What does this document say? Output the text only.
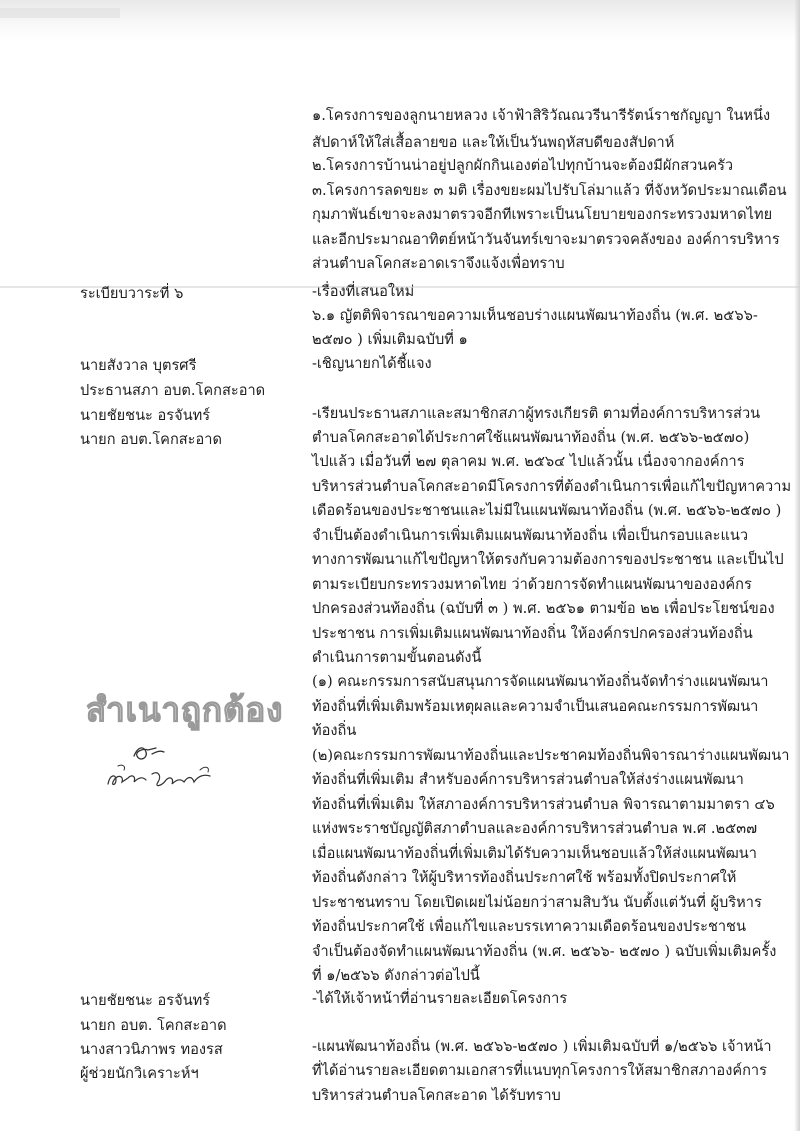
๑.โครงการของลูกนายหลวง เจ้าฟ้าสิริวัณณวรีนารีรัตน์ราชกัญญา ในหนึ่ง
สัปดาห์ให้ใส่เสื้อลายขอ และให้เป็นวันพฤหัสบดีของสัปดาห์
๒.โครงการบ้านน่าอยู่ปลูกผักกินเองต่อไปทุกบ้านจะต้องมีผักสวนครัว
๓.โครงการลดขยะ ๓ มติ เรื่องขยะผมไปรับโล่มาแล้ว ที่จังหวัดประมาณเดือน
กุมภาพันธ์เขาจะลงมาตรวจอีกทีเพราะเป็นนโยบายของกระทรวงมหาดไทย
และอีกประมาณอาทิตย์หน้าวันจันทร์เขาจะมาตรวจคลังของ องค์การบริหาร
ส่วนตำบลโคกสะอาดเราจึงแจ้งเพื่อทราบ
ระเบียบวาระที่ ๖	-เรื่องที่เสนอใหม่
๖.๑ ญัตติพิจารณาขอความเห็นชอบร่างแผนพัฒนาท้องถิ่น (พ.ศ. ๒๕๖๖-
๒๕๗๐ ) เพิ่มเติมฉบับที่ ๑
นายสังวาล บุตรศรี	-เชิญนายกได้ชี้แจง
ประธานสภา อบต.โคกสะอาด
นายชัยชนะ อรจันทร์
นายก อบต.โคกสะอาด
-เรียนประธานสภาและสมาชิกสภาผู้ทรงเกียรติ ตามที่องค์การบริหารส่วน
ตำบลโคกสะอาดได้ประกาศใช้แผนพัฒนาท้องถิ่น (พ.ศ. ๒๕๖๖-๒๕๗๐)
ไปแล้ว เมื่อวันที่ ๒๗ ตุลาคม พ.ศ. ๒๕๖๔ ไปแล้วนั้น เนื่องจากองค์การ
บริหารส่วนตำบลโคกสะอาดมีโครงการที่ต้องดำเนินการเพื่อแก้ไขปัญหาความ
เดือดร้อนของประชาชนและไม่มีในแผนพัฒนาท้องถิ่น (พ.ศ. ๒๕๖๖-๒๕๗๐ )
จำเป็นต้องดำเนินการเพิ่มเติมแผนพัฒนาท้องถิ่น เพื่อเป็นกรอบและแนว
ทางการพัฒนาแก้ไขปัญหาให้ตรงกับความต้องการของประชาชน และเป็นไป
ตามระเบียบกระทรวงมหาดไทย ว่าด้วยการจัดทำแผนพัฒนาขององค์กร
ปกครองส่วนท้องถิ่น (ฉบับที่ ๓ ) พ.ศ. ๒๕๖๑ ตามข้อ ๒๒ เพื่อประโยชน์ของ
ประชาชน การเพิ่มเติมแผนพัฒนาท้องถิ่น ให้องค์กรปกครองส่วนท้องถิ่น
ดำเนินการตามขั้นตอนดังนี้
(๑) คณะกรรมการสนับสนุนการจัดแผนพัฒนาท้องถิ่นจัดทำร่างแผนพัฒนา
ท้องถิ่นที่เพิ่มเติมพร้อมเหตุผลและความจำเป็นเสนอคณะกรรมการพัฒนา
ท้องถิ่น
(๒)คณะกรรมการพัฒนาท้องถิ่นและประชาคมท้องถิ่นพิจารณาร่างแผนพัฒนา
ท้องถิ่นที่เพิ่มเติม สำหรับองค์การบริหารส่วนตำบลให้ส่งร่างแผนพัฒนา
ท้องถิ่นที่เพิ่มเติม ให้สภาองค์การบริหารส่วนตำบล พิจารณาตามมาตรา ๔๖
แห่งพระราชบัญญัติสภาตำบลและองค์การบริหารส่วนตำบล พ.ศ .๒๕๓๗
เมื่อแผนพัฒนาท้องถิ่นที่เพิ่มเติมได้รับความเห็นชอบแล้วให้ส่งแผนพัฒนา
ท้องถิ่นดังกล่าว ให้ผู้บริหารท้องถิ่นประกาศใช้ พร้อมทั้งปิดประกาศให้
ประชาชนทราบ โดยเปิดเผยไม่น้อยกว่าสามสิบวัน นับตั้งแต่วันที่ ผู้บริหาร
ท้องถิ่นประกาศใช้ เพื่อแก้ไขและบรรเทาความเดือดร้อนของประชาชน
จำเป็นต้องจัดทำแผนพัฒนาท้องถิ่น (พ.ศ. ๒๕๖๖- ๒๕๗๐ ) ฉบับเพิ่มเติมครั้ง
ที่ ๑/๒๕๖๖ ดังกล่าวต่อไปนี้
สำเนาถูกต้อง
นายชัยชนะ อรจันทร์	-ได้ให้เจ้าหน้าที่อ่านรายละเอียดโครงการ
นายก อบต. โคกสะอาด
นางสาวนิภาพร ทองรส
ผู้ช่วยนักวิเคราะห์ฯ
-แผนพัฒนาท้องถิ่น (พ.ศ. ๒๕๖๖-๒๕๗๐ ) เพิ่มเติมฉบับที่ ๑/๒๕๖๖ เจ้าหน้า
ที่ได้อ่านรายละเอียดตามเอกสารที่แนบทุกโครงการให้สมาชิกสภาองค์การ
บริหารส่วนตำบลโคกสะอาด ได้รับทราบ
